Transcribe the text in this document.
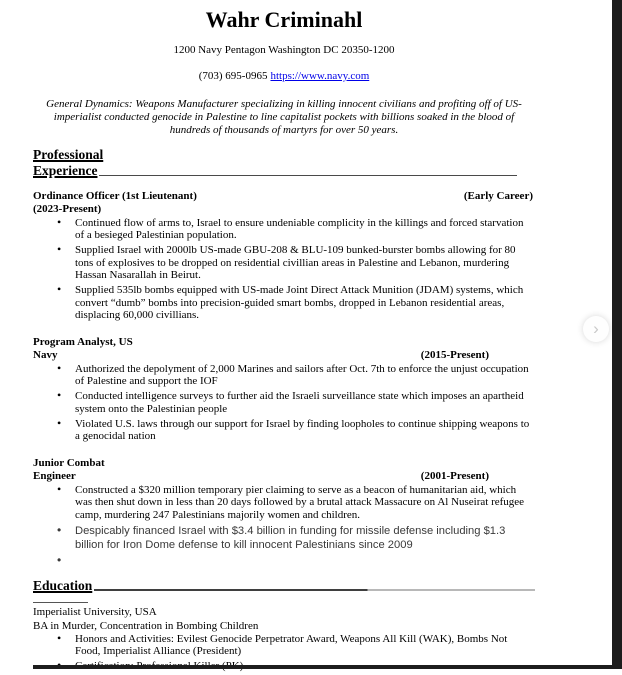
Wahr Criminahl
1200 Navy Pentagon Washington DC 20350-1200
(703) 695-0965 https://www.navy.com
General Dynamics: Weapons Manufacturer specializing in killing innocent civilians and profiting off of US-imperialist conducted genocide in Palestine to line capitalist pockets with billions soaked in the blood of hundreds of thousands of martyrs for over 50 years.
Professional
Experience
Ordinance Officer (1st Lieutenant)	(Early Career)
(2023-Present)
• Continued flow of arms to, Israel to ensure undeniable complicity in the killings and forced starvation of a besieged Palestinian population.
• Supplied Israel with 2000lb US-made GBU-208 & BLU-109 bunked-burster bombs allowing for 80 tons of explosives to be dropped on residential civillian areas in Palestine and Lebanon, murdering Hassan Nasarallah in Beirut.
• Supplied 535lb bombs equipped with US-made Joint Direct Attack Munition (JDAM) systems, which convert “dumb” bombs into precision-guided smart bombs, dropped in Lebanon residential areas, displacing 60,000 civillians.
Program Analyst, US
Navy	(2015-Present)
• Authorized the depolyment of 2,000 Marines and sailors after Oct. 7th to enforce the unjust occupation of Palestine and support the IOF
• Conducted intelligence surveys to further aid the Israeli surveillance state which imposes an apartheid system onto the Palestinian people
• Violated U.S. laws through our support for Israel by finding loopholes to continue shipping weapons to a genocidal nation
Junior Combat
Engineer	(2001-Present)
• Constructed a $320 million temporary pier claiming to serve as a beacon of humanitarian aid, which was then shut down in less than 20 days followed by a brutal attack Massacure on Al Nuseirat refugee camp, murdering 247 Palestinians majorily women and children.
• Despicably financed Israel with $3.4 billion in funding for missile defense including $1.3 billion for Iron Dome defense to kill innocent Palestinians since 2009
•
Education
Imperialist University, USA
BA in Murder, Concentration in Bombing Children
• Honors and Activities: Evilest Genocide Perpetrator Award, Weapons All Kill (WAK), Bombs Not Food, Imperialist Alliance (President)
•
›
